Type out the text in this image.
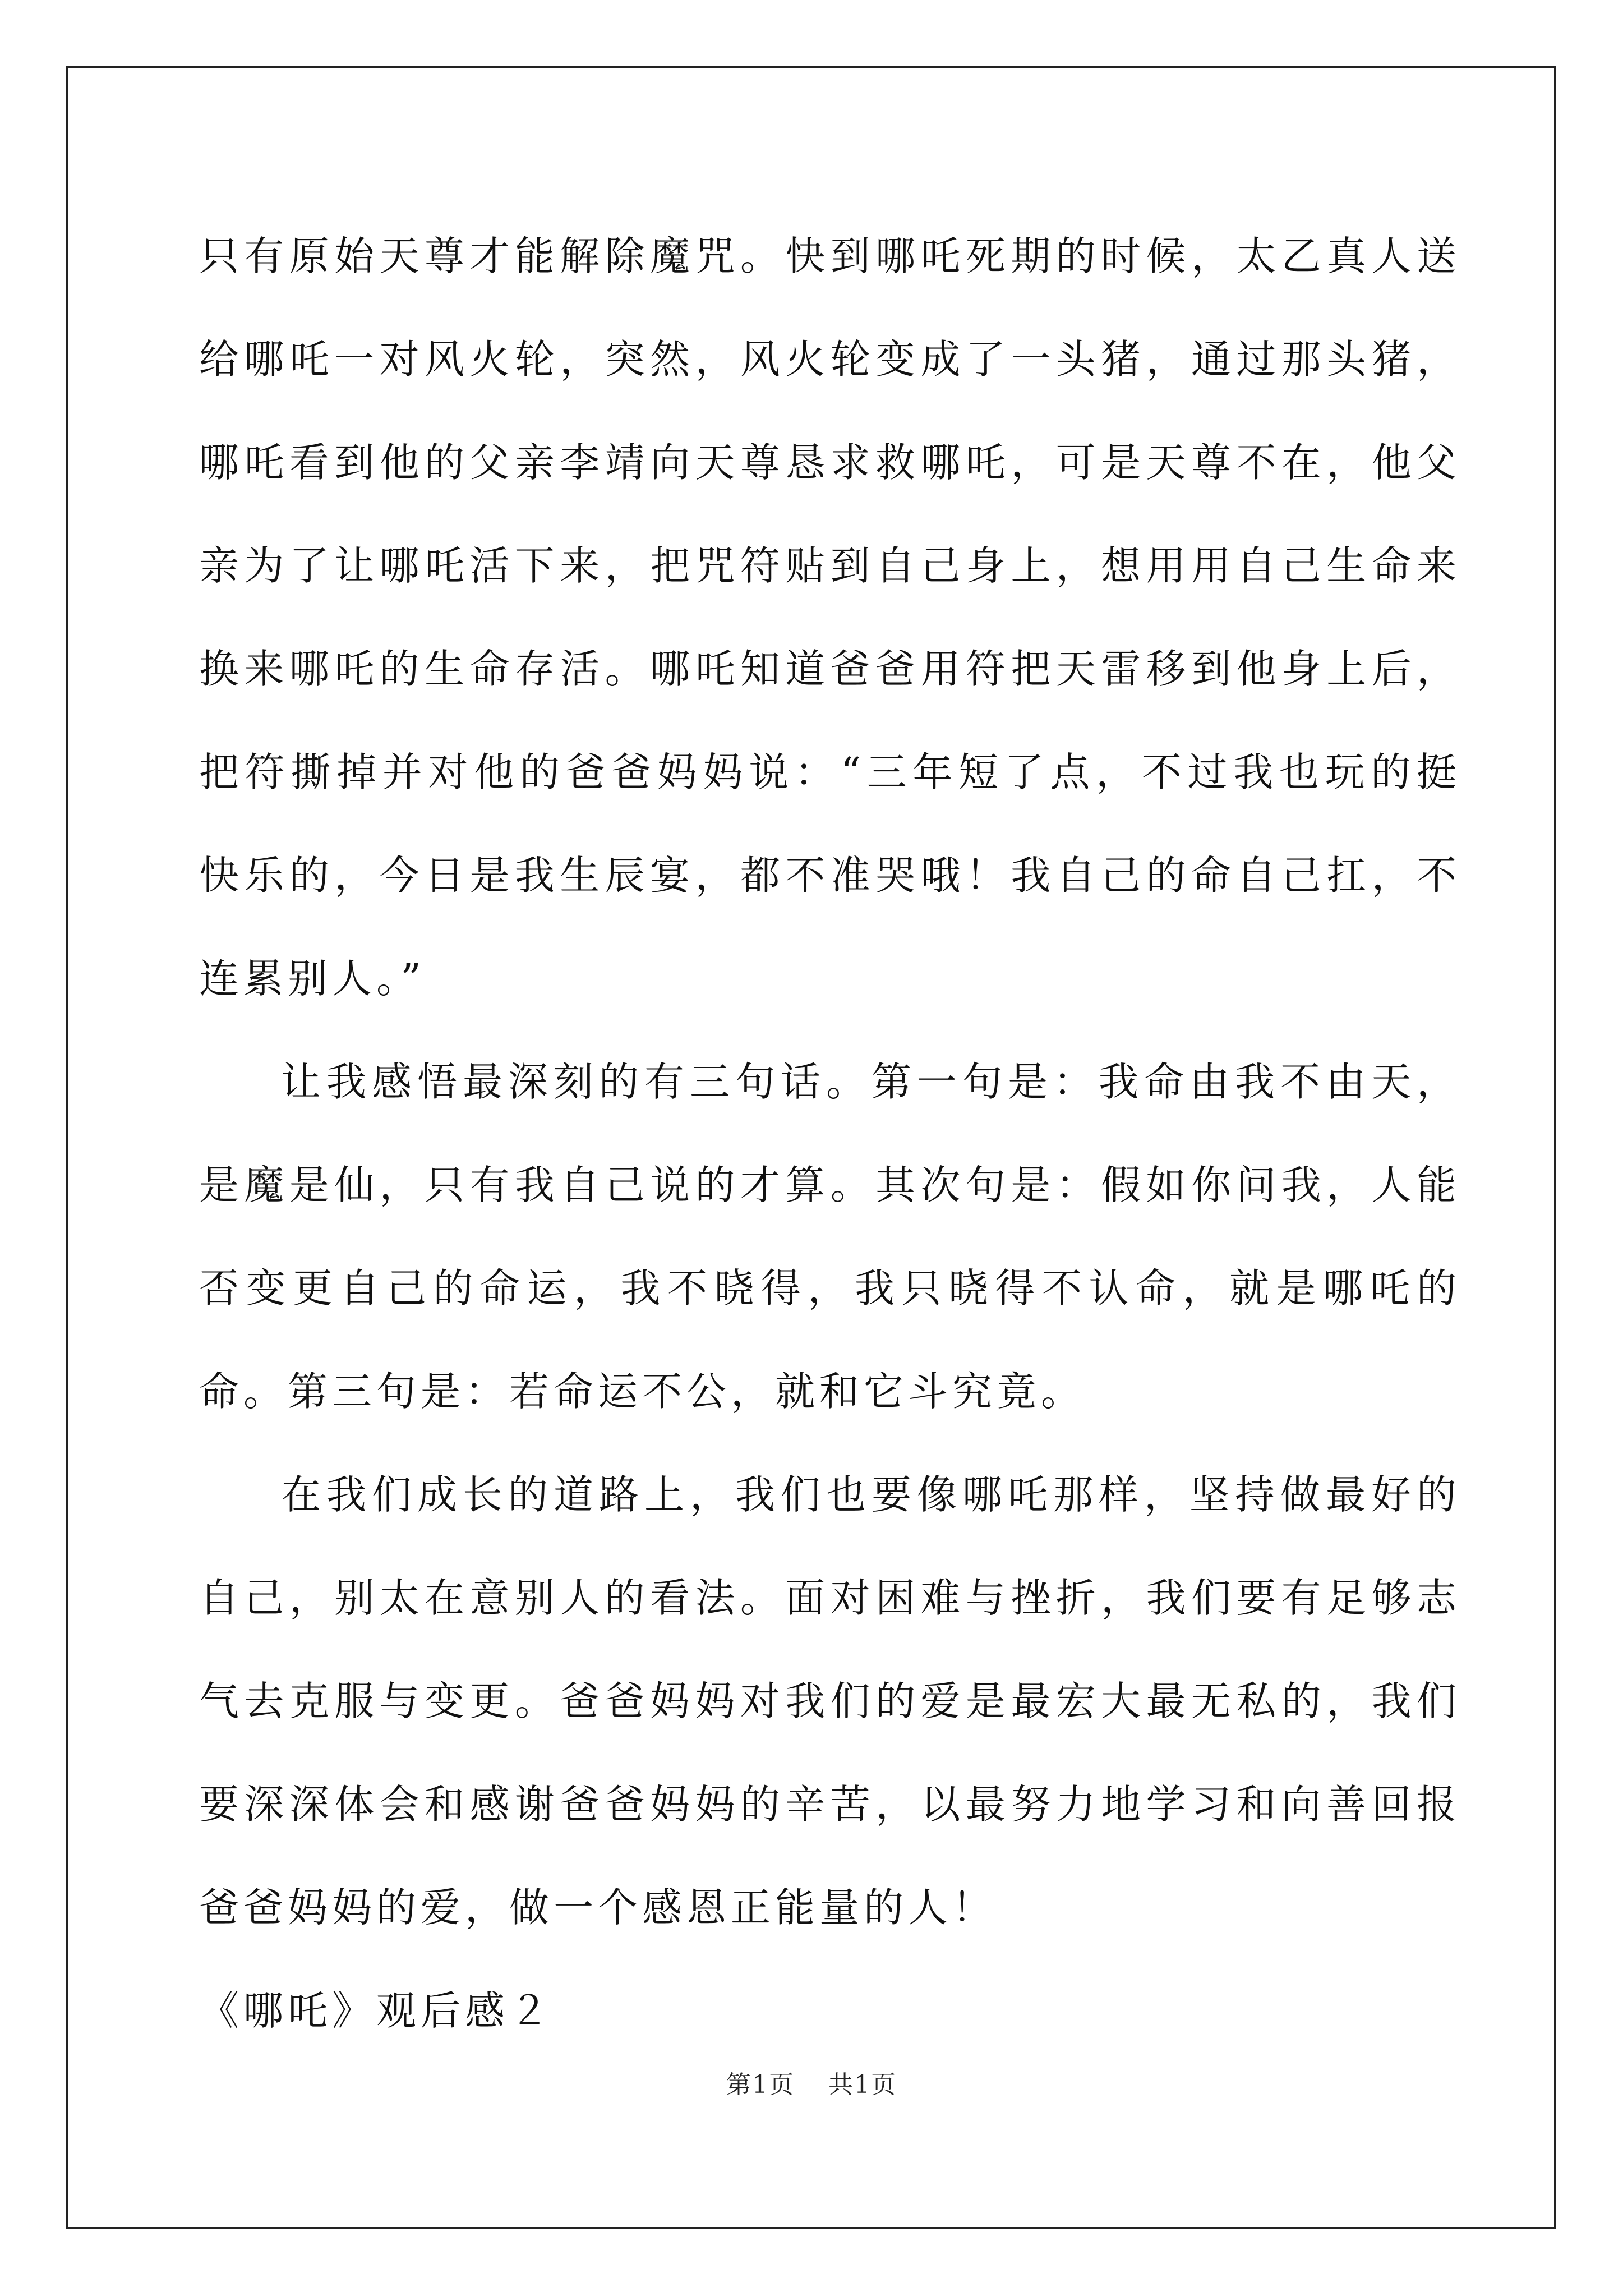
只有原始天尊才能解除魔咒。快到哪吒死期的时候，太乙真人送给哪吒一对风火轮，突然，风火轮变成了一头猪，通过那头猪，哪吒看到他的父亲李靖向天尊恳求救哪吒，可是天尊不在，他父亲为了让哪吒活下来，把咒符贴到自己身上，想用用自己生命来换来哪吒的生命存活。哪吒知道爸爸用符把天雷移到他身上后，把符撕掉并对他的爸爸妈妈说：“三年短了点，不过我也玩的挺快乐的，今日是我生辰宴，都不准哭哦！我自己的命自己扛，不连累别人。”

让我感悟最深刻的有三句话。第一句是：我命由我不由天，是魔是仙，只有我自己说的才算。其次句是：假如你问我，人能否变更自己的命运，我不晓得，我只晓得不认命，就是哪吒的命。第三句是：若命运不公，就和它斗究竟。

在我们成长的道路上，我们也要像哪吒那样，坚持做最好的自己，别太在意别人的看法。面对困难与挫折，我们要有足够志气去克服与变更。爸爸妈妈对我们的爱是最宏大最无私的，我们要深深体会和感谢爸爸妈妈的辛苦，以最努力地学习和向善回报爸爸妈妈的爱，做一个感恩正能量的人！

《哪吒》观后感２

第1页 共1页
